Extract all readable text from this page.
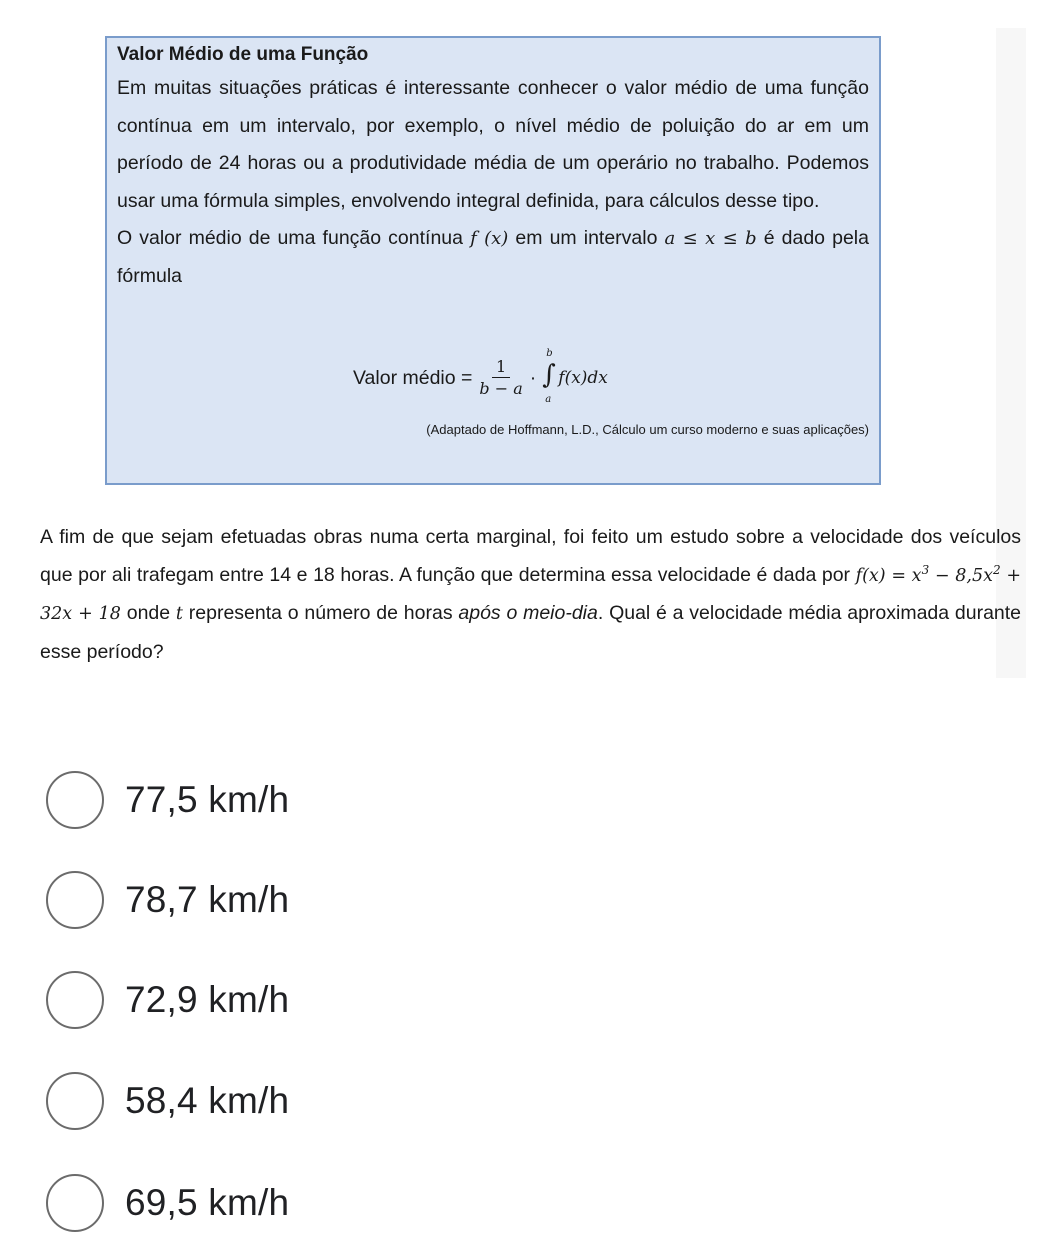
Valor Médio de uma Função

Em muitas situações práticas é interessante conhecer o valor médio de uma função contínua em um intervalo, por exemplo, o nível médio de poluição do ar em um período de 24 horas ou a produtividade média de um operário no trabalho. Podemos usar uma fórmula simples, envolvendo integral definida, para cálculos desse tipo.

O valor médio de uma função contínua f (x) em um intervalo a ≤ x ≤ b é dado pela fórmula

Valor médio = $\frac{1}{b - a}$ ·
b
∫
a
f(x)dx
(Adaptado de Hoffmann, L.D., Cálculo um curso moderno e suas aplicações)

A fim de que sejam efetuadas obras numa certa marginal, foi feito um estudo sobre a velocidade dos veículos que por ali trafegam entre 14 e 18 horas. A função que determina essa velocidade é dada por $f(x) = x^3 - 8,5x^2 + 32x + 18$ onde t representa o número de horas após o meio-dia. Qual é a velocidade média aproximada durante esse período?

77,5 km/h
78,7 km/h
72,9 km/h
58,4 km/h
69,5 km/h
